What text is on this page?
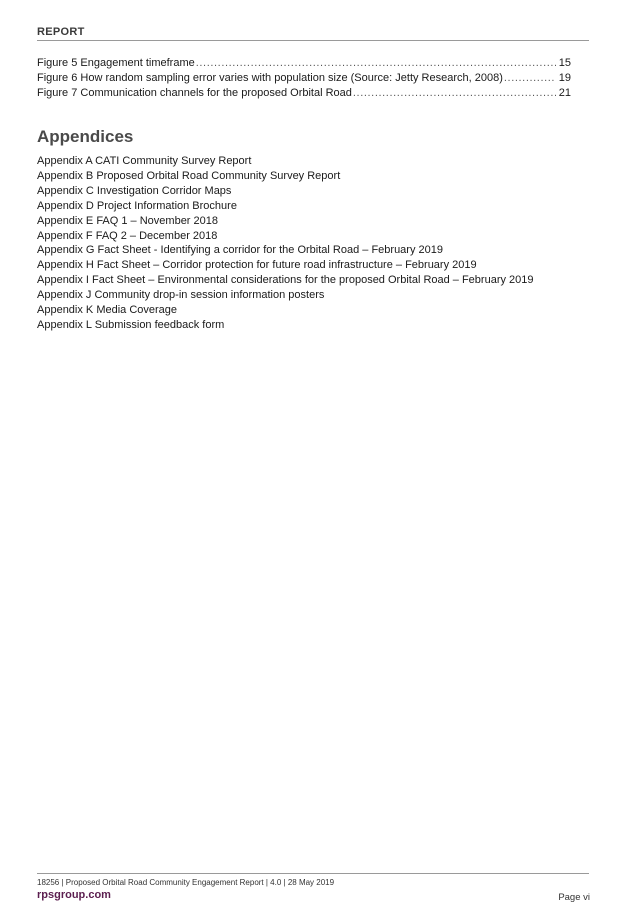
REPORT
Figure 5 Engagement timeframe .....	15
Figure 6 How random sampling error varies with population size (Source: Jetty Research, 2008) .....	19
Figure 7 Communication channels for the proposed Orbital Road .....	21
Appendices
Appendix A CATI Community Survey Report
Appendix B Proposed Orbital Road Community Survey Report
Appendix C Investigation Corridor Maps
Appendix D Project Information Brochure
Appendix E FAQ 1 – November 2018
Appendix F FAQ 2 – December 2018
Appendix G Fact Sheet - Identifying a corridor for the Orbital Road – February 2019
Appendix H Fact Sheet – Corridor protection for future road infrastructure – February 2019
Appendix I Fact Sheet – Environmental considerations for the proposed Orbital Road – February 2019
Appendix J Community drop-in session information posters
Appendix K Media Coverage
Appendix L Submission feedback form
18256 | Proposed Orbital Road Community Engagement Report | 4.0 | 28 May 2019
rpsgroup.com	Page vi
